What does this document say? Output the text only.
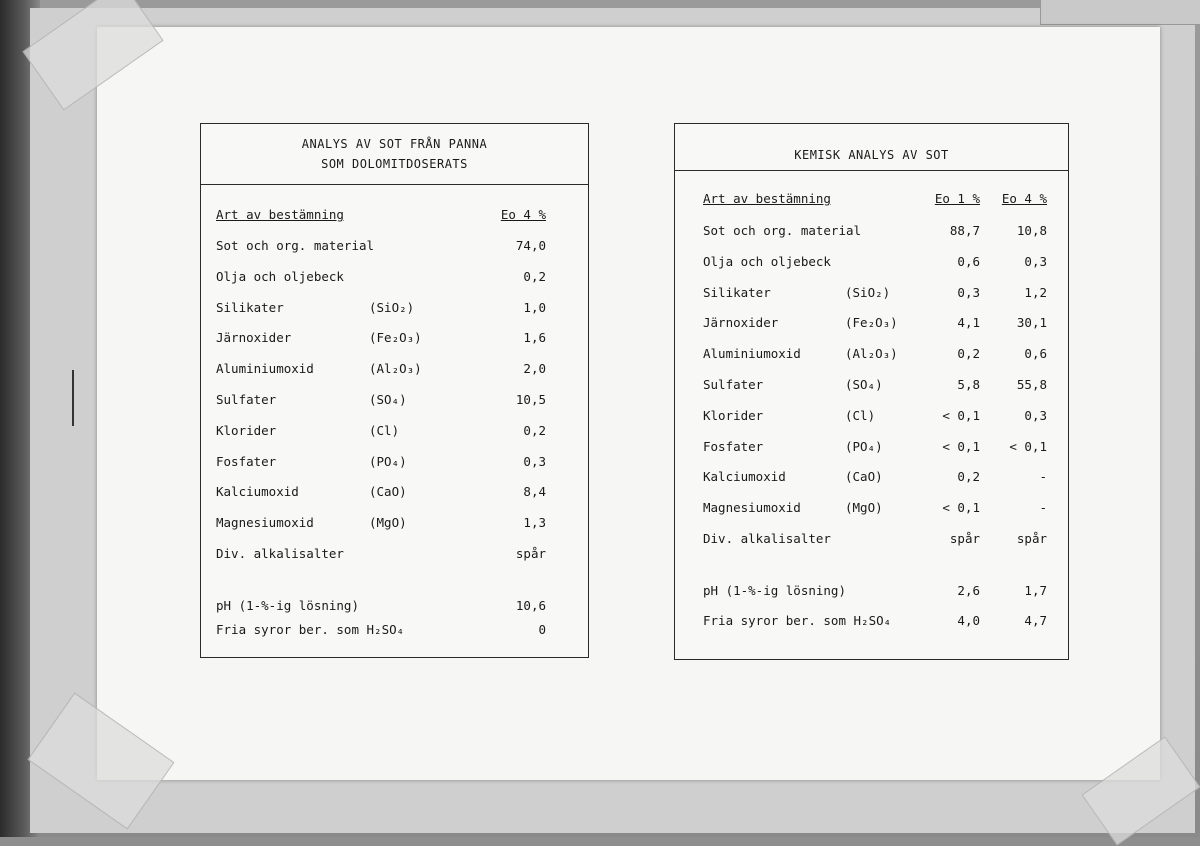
ANALYS AV SOT FRÅN PANNA
SOM DOLOMITDOSERATS
Art av bestämning	Eo 4 %
Sot och org. material	74,0
Olja och oljebeck	0,2
Silikater	(SiO₂)	1,0
Järnoxider	(Fe₂O₃)	1,6
Aluminiumoxid	(Al₂O₃)	2,0
Sulfater	(SO₄)	10,5
Klorider	(Cl)	0,2
Fosfater	(PO₄)	0,3
Kalciumoxid	(CaO)	8,4
Magnesiumoxid	(MgO)	1,3
Div. alkalisalter	spår
pH (1-%-ig lösning)	10,6
Fria syror ber. som H₂SO₄	0
KEMISK ANALYS AV SOT
Art av bestämning	Eo 1 %	Eo 4 %
Sot och org. material	88,7	10,8
Olja och oljebeck	0,6	0,3
Silikater	(SiO₂)	0,3	1,2
Järnoxider	(Fe₂O₃)	4,1	30,1
Aluminiumoxid	(Al₂O₃)	0,2	0,6
Sulfater	(SO₄)	5,8	55,8
Klorider	(Cl)	< 0,1	0,3
Fosfater	(PO₄)	< 0,1	< 0,1
Kalciumoxid	(CaO)	0,2	-
Magnesiumoxid	(MgO)	< 0,1	-
Div. alkalisalter	spår	spår
pH (1-%-ig lösning)	2,6	1,7
Fria syror ber. som H₂SO₄	4,0	4,7
